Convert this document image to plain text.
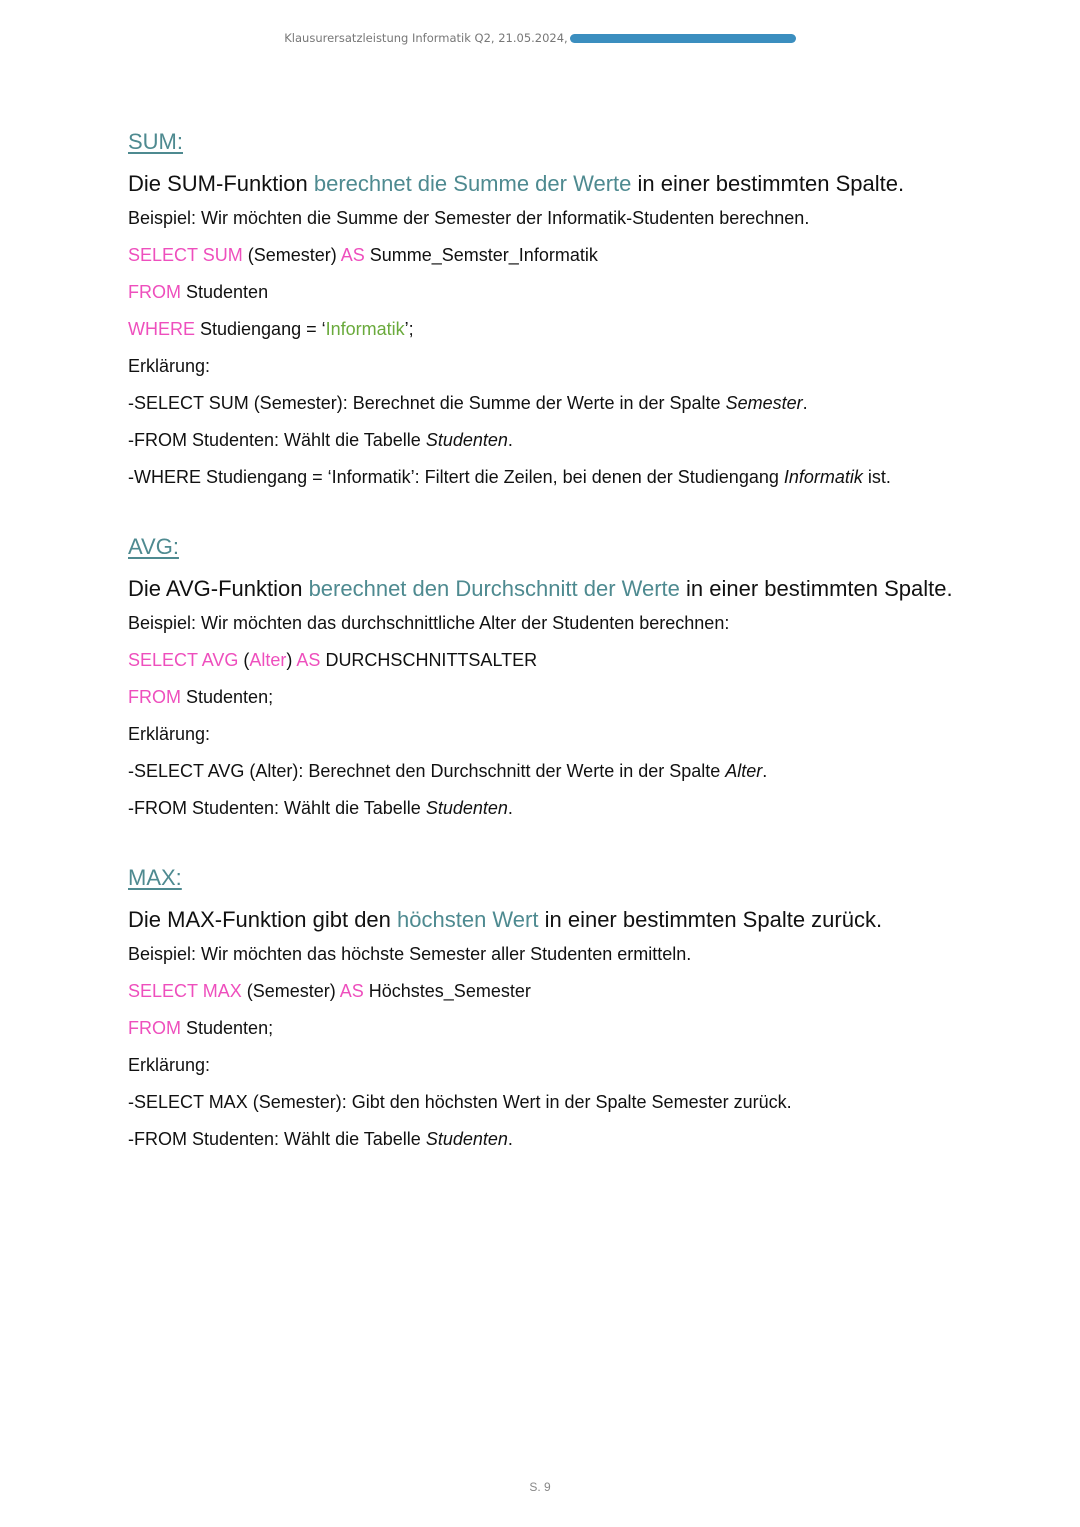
Klausurersatzleistung Informatik Q2, 21.05.2024,
SUM:
Die SUM-Funktion berechnet die Summe der Werte in einer bestimmten Spalte.
Beispiel: Wir möchten die Summe der Semester der Informatik-Studenten berechnen.
SELECT SUM (Semester) AS Summe_Semster_Informatik
FROM Studenten
WHERE Studiengang = ‘Informatik’;
Erklärung:
-SELECT SUM (Semester): Berechnet die Summe der Werte in der Spalte Semester.
-FROM Studenten: Wählt die Tabelle Studenten.
-WHERE Studiengang = ‘Informatik’: Filtert die Zeilen, bei denen der Studiengang Informatik ist.
AVG:
Die AVG-Funktion berechnet den Durchschnitt der Werte in einer bestimmten Spalte.
Beispiel: Wir möchten das durchschnittliche Alter der Studenten berechnen:
SELECT AVG (Alter) AS DURCHSCHNITTSALTER
FROM Studenten;
Erklärung:
-SELECT AVG (Alter): Berechnet den Durchschnitt der Werte in der Spalte Alter.
-FROM Studenten: Wählt die Tabelle Studenten.
MAX:
Die MAX-Funktion gibt den höchsten Wert in einer bestimmten Spalte zurück.
Beispiel: Wir möchten das höchste Semester aller Studenten ermitteln.
SELECT MAX (Semester) AS Höchstes_Semester
FROM Studenten;
Erklärung:
-SELECT MAX (Semester): Gibt den höchsten Wert in der Spalte Semester zurück.
-FROM Studenten: Wählt die Tabelle Studenten.
S. 9
